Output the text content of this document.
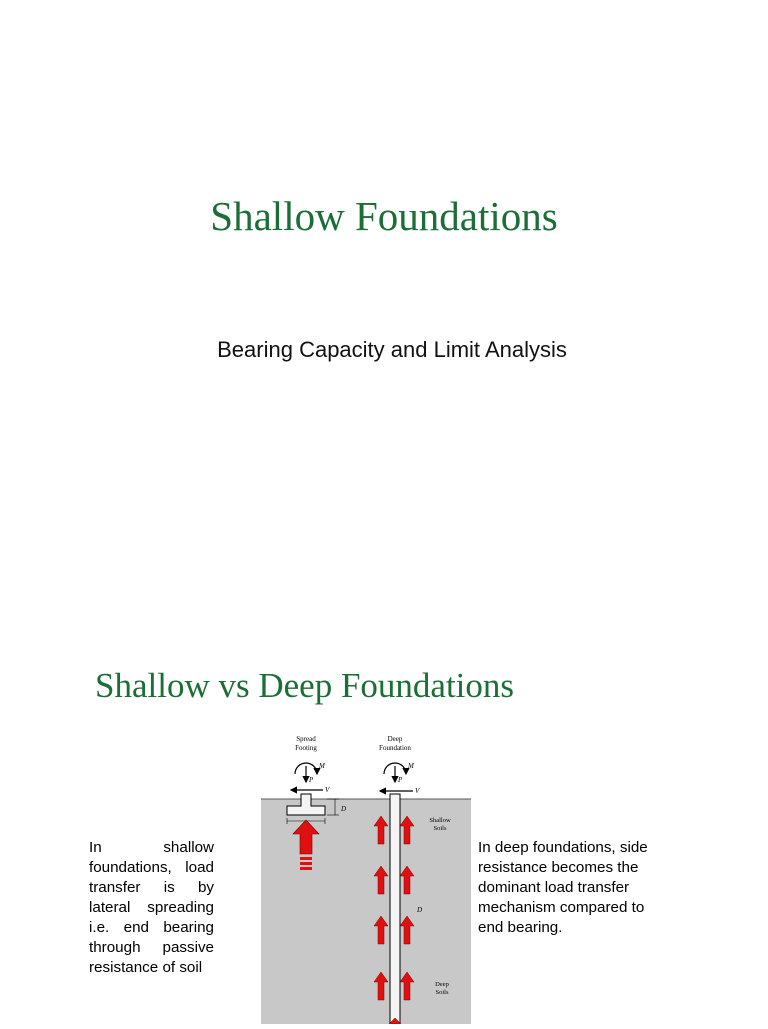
Shallow Foundations
Bearing Capacity and Limit Analysis
Shallow vs Deep Foundations
In shallow foundations, load transfer is by lateral spreading i.e. end bearing through passive resistance of soil
In deep foundations, side resistance becomes the dominant load transfer mechanism compared to end bearing.
Spread
Footing
Deep
Foundation
M
P
V
D
M
P
V
D
Shallow
Soils
Deep
Soils
